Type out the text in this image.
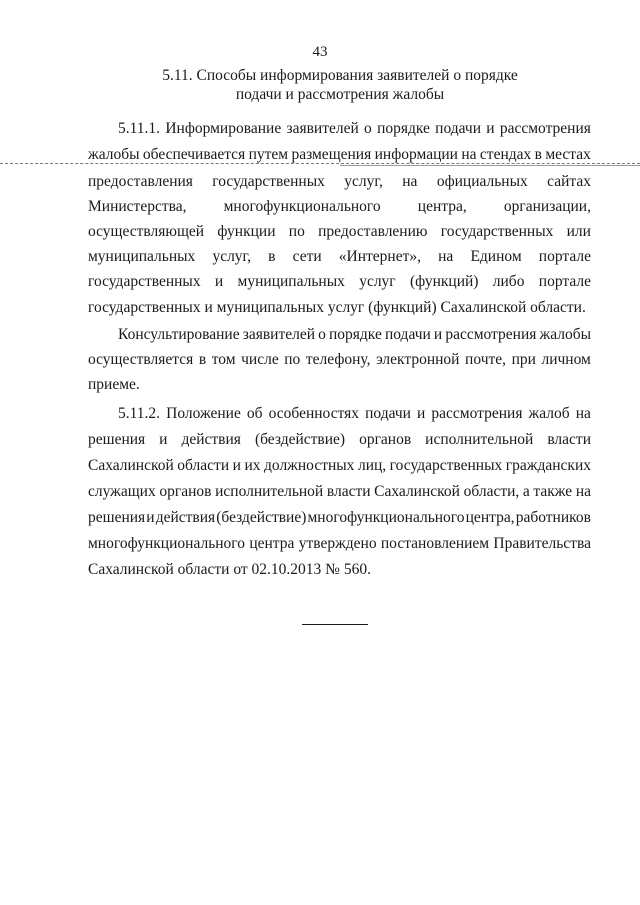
43
5.11. Способы информирования заявителей о порядке
подачи и рассмотрения жалобы
5.11.1. Информирование заявителей о порядке подачи и рассмотрения
жалобы обеспечивается путем размещения информации на стендах в местах
предоставления государственных услуг, на официальных сайтах
Министерства, многофункционального центра, организации,
осуществляющей функции по предоставлению государственных или
муниципальных услуг, в сети «Интернет», на Едином портале
государственных и муниципальных услуг (функций) либо портале
государственных и муниципальных услуг (функций) Сахалинской области.
Консультирование заявителей о порядке подачи и рассмотрения жалобы
осуществляется в том числе по телефону, электронной почте, при личном
приеме.
5.11.2. Положение об особенностях подачи и рассмотрения жалоб на
решения и действия (бездействие) органов исполнительной власти
Сахалинской области и их должностных лиц, государственных гражданских
служащих органов исполнительной власти Сахалинской области, а также на
решения и действия (бездействие) многофункционального центра, работников
многофункционального центра утверждено постановлением Правительства
Сахалинской области от 02.10.2013 № 560.
